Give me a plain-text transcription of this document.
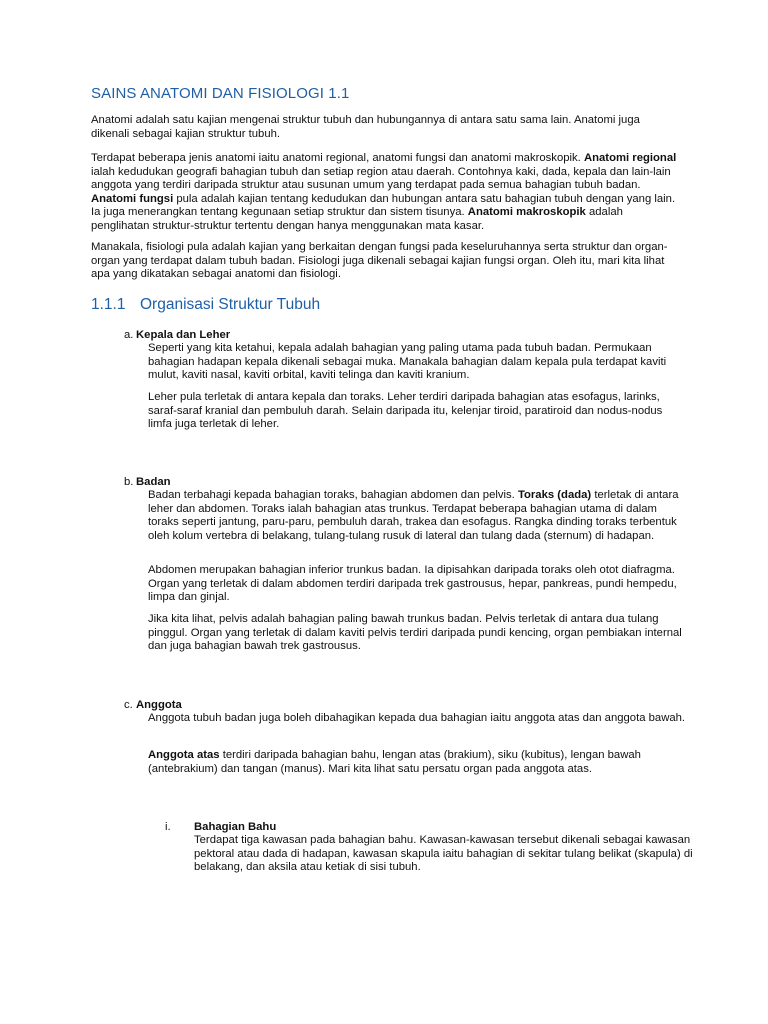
SAINS ANATOMI DAN FISIOLOGI 1.1

Anatomi adalah satu kajian mengenai struktur tubuh dan hubungannya di antara satu sama lain. Anatomi juga dikenali sebagai kajian struktur tubuh.

Terdapat beberapa jenis anatomi iaitu anatomi regional, anatomi fungsi dan anatomi makroskopik. Anatomi regional ialah kedudukan geografi bahagian tubuh dan setiap region atau daerah. Contohnya kaki, dada, kepala dan lain-lain anggota yang terdiri daripada struktur atau susunan umum yang terdapat pada semua bahagian tubuh badan. Anatomi fungsi pula adalah kajian tentang kedudukan dan hubungan antara satu bahagian tubuh dengan yang lain. Ia juga menerangkan tentang kegunaan setiap struktur dan sistem tisunya. Anatomi makroskopik adalah penglihatan struktur-struktur tertentu dengan hanya menggunakan mata kasar.

Manakala, fisiologi pula adalah kajian yang berkaitan dengan fungsi pada keseluruhannya serta struktur dan organ-organ yang terdapat dalam tubuh badan. Fisiologi juga dikenali sebagai kajian fungsi organ. Oleh itu, mari kita lihat apa yang dikatakan sebagai anatomi dan fisiologi.

1.1.1 Organisasi Struktur Tubuh
a. Kepala dan Leher

Seperti yang kita ketahui, kepala adalah bahagian yang paling utama pada tubuh badan. Permukaan bahagian hadapan kepala dikenali sebagai muka. Manakala bahagian dalam kepala pula terdapat kaviti mulut, kaviti nasal, kaviti orbital, kaviti telinga dan kaviti kranium.

Leher pula terletak di antara kepala dan toraks. Leher terdiri daripada bahagian atas esofagus, larinks, saraf-saraf kranial dan pembuluh darah. Selain daripada itu, kelenjar tiroid, paratiroid dan nodus-nodus limfa juga terletak di leher.

b. Badan

Badan terbahagi kepada bahagian toraks, bahagian abdomen dan pelvis. Toraks (dada) terletak di antara leher dan abdomen. Toraks ialah bahagian atas trunkus. Terdapat beberapa bahagian utama di dalam toraks seperti jantung, paru-paru, pembuluh darah, trakea dan esofagus. Rangka dinding toraks terbentuk oleh kolum vertebra di belakang, tulang-tulang rusuk di lateral dan tulang dada (sternum) di hadapan.

Abdomen merupakan bahagian inferior trunkus badan. Ia dipisahkan daripada toraks oleh otot diafragma. Organ yang terletak di dalam abdomen terdiri daripada trek gastrousus, hepar, pankreas, pundi hempedu, limpa dan ginjal.

Jika kita lihat, pelvis adalah bahagian paling bawah trunkus badan. Pelvis terletak di antara dua tulang pinggul. Organ yang terletak di dalam kaviti pelvis terdiri daripada pundi kencing, organ pembiakan internal dan juga bahagian bawah trek gastrousus.

c. Anggota

Anggota tubuh badan juga boleh dibahagikan kepada dua bahagian iaitu anggota atas dan anggota bawah.

Anggota atas terdiri daripada bahagian bahu, lengan atas (brakium), siku (kubitus), lengan bawah (antebrakium) dan tangan (manus). Mari kita lihat satu persatu organ pada anggota atas.

i. Bahagian Bahu

Terdapat tiga kawasan pada bahagian bahu. Kawasan-kawasan tersebut dikenali sebagai kawasan pektoral atau dada di hadapan, kawasan skapula iaitu bahagian di sekitar tulang belikat (skapula) di belakang, dan aksila atau ketiak di sisi tubuh.
